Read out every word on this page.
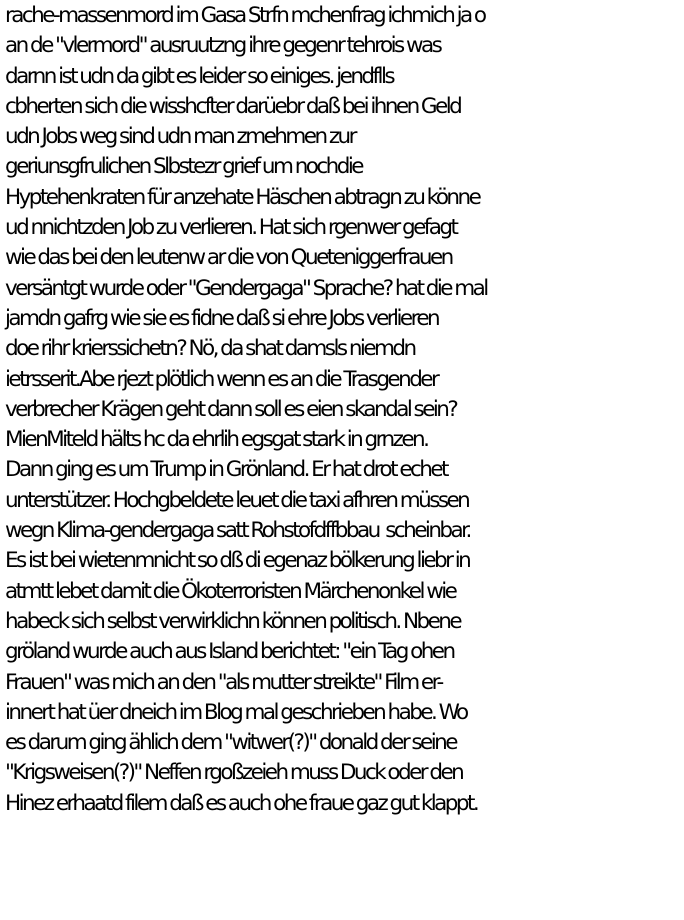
rache-massenmord im Gasa Strfn mchenfrag ichmich ja o
an de "vlermord" ausruutzng ihre gegenr tehrois was
darnn ist udn da gibt es leider so einiges. jendflls
cbherten sich die wisshcfter darüebr daß bei ihnen Geld
udn Jobs weg sind udn man zmehmen zur
geriunsgfrulichen Slbstezr grief um nochdie
Hyptehenkraten für anzehate Häschen abtragn zu könne
ud nnichtzden Job zu verlieren. Hat sich rgenwer gefagt
wie das bei den leutenw ar die von Queteniggerfrauen
versäntgt wurde oder "Gendergaga" Sprache? hat die mal
jamdn gafrg wie sie es fidne daß si ehre Jobs verlieren
doe rihr krierssichetn? Nö, da shat damsls niemdn
ietrsserit.Abe rjezt plötlich wenn es an die Trasgender
verbrecher Krägen geht dann soll es eien skandal sein?
MienMiteld hälts hc da ehrlih egsgat stark in grnzen.
Dann ging es um Trump in Grönland. Er hat drot echet
unterstützer. Hochgbeldete leuet die taxi afhren müssen
wegn Klima-gendergaga satt Rohstofdffbbau  scheinbar.
Es ist bei wietenmnicht so dß di egenaz bölkerung liebr in
atmtt lebet damit die Ökoterroristen Märchenonkel wie
habeck sich selbst verwirklichn können politisch. Nbene
gröland wurde auch aus Island berichtet: "ein Tag ohen
Frauen" was mich an den "als mutter streikte" Film er-
innert hat üer dneich im Blog mal geschrieben habe. Wo
es darum ging ählich dem "witwer(?)" donald der seine
"Krigsweisen(?)" Neffen rgoßzeieh muss Duck oder den
Hinez erhaatd filem daß es auch ohe fraue gaz gut klappt.
